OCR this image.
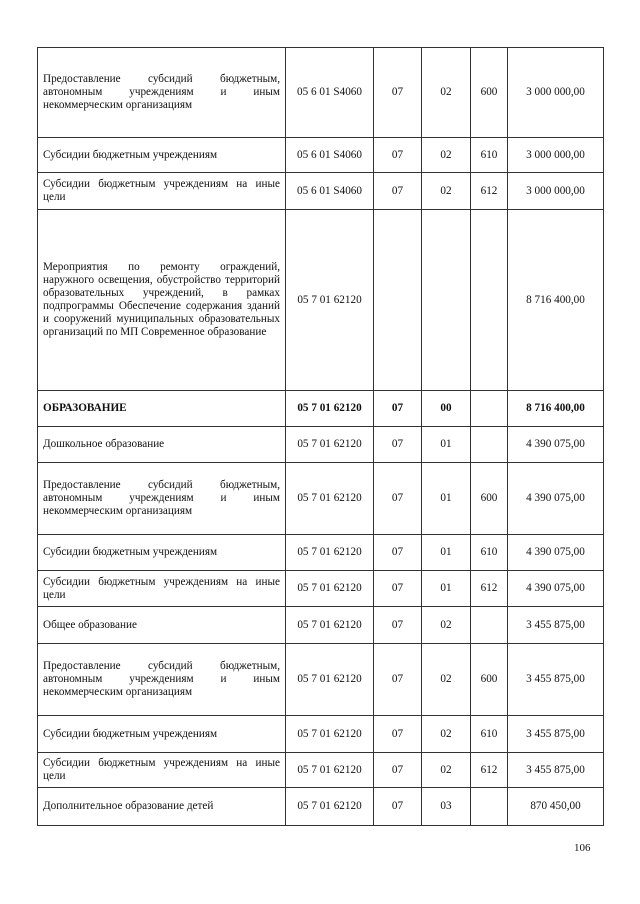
Предоставление субсидий бюджетным, автономным учреждениям и иным некоммерческим организациям	05 6 01 S4060	07	02	600	3 000 000,00
Субсидии бюджетным учреждениям	05 6 01 S4060	07	02	610	3 000 000,00
Субсидии бюджетным учреждениям на иные цели	05 6 01 S4060	07	02	612	3 000 000,00
Мероприятия по ремонту ограждений, наружного освещения, обустройство территорий образовательных учреждений, в рамках подпрограммы Обеспечение содержания зданий и сооружений муниципальных образовательных организаций по МП Современное образование	05 7 01 62120				8 716 400,00
ОБРАЗОВАНИЕ	05 7 01 62120	07	00		8 716 400,00
Дошкольное образование	05 7 01 62120	07	01		4 390 075,00
Предоставление субсидий бюджетным, автономным учреждениям и иным некоммерческим организациям	05 7 01 62120	07	01	600	4 390 075,00
Субсидии бюджетным учреждениям	05 7 01 62120	07	01	610	4 390 075,00
Субсидии бюджетным учреждениям на иные цели	05 7 01 62120	07	01	612	4 390 075,00
Общее образование	05 7 01 62120	07	02		3 455 875,00
Предоставление субсидий бюджетным, автономным учреждениям и иным некоммерческим организациям	05 7 01 62120	07	02	600	3 455 875,00
Субсидии бюджетным учреждениям	05 7 01 62120	07	02	610	3 455 875,00
Субсидии бюджетным учреждениям на иные цели	05 7 01 62120	07	02	612	3 455 875,00
Дополнительное образование детей	05 7 01 62120	07	03		870 450,00
106
